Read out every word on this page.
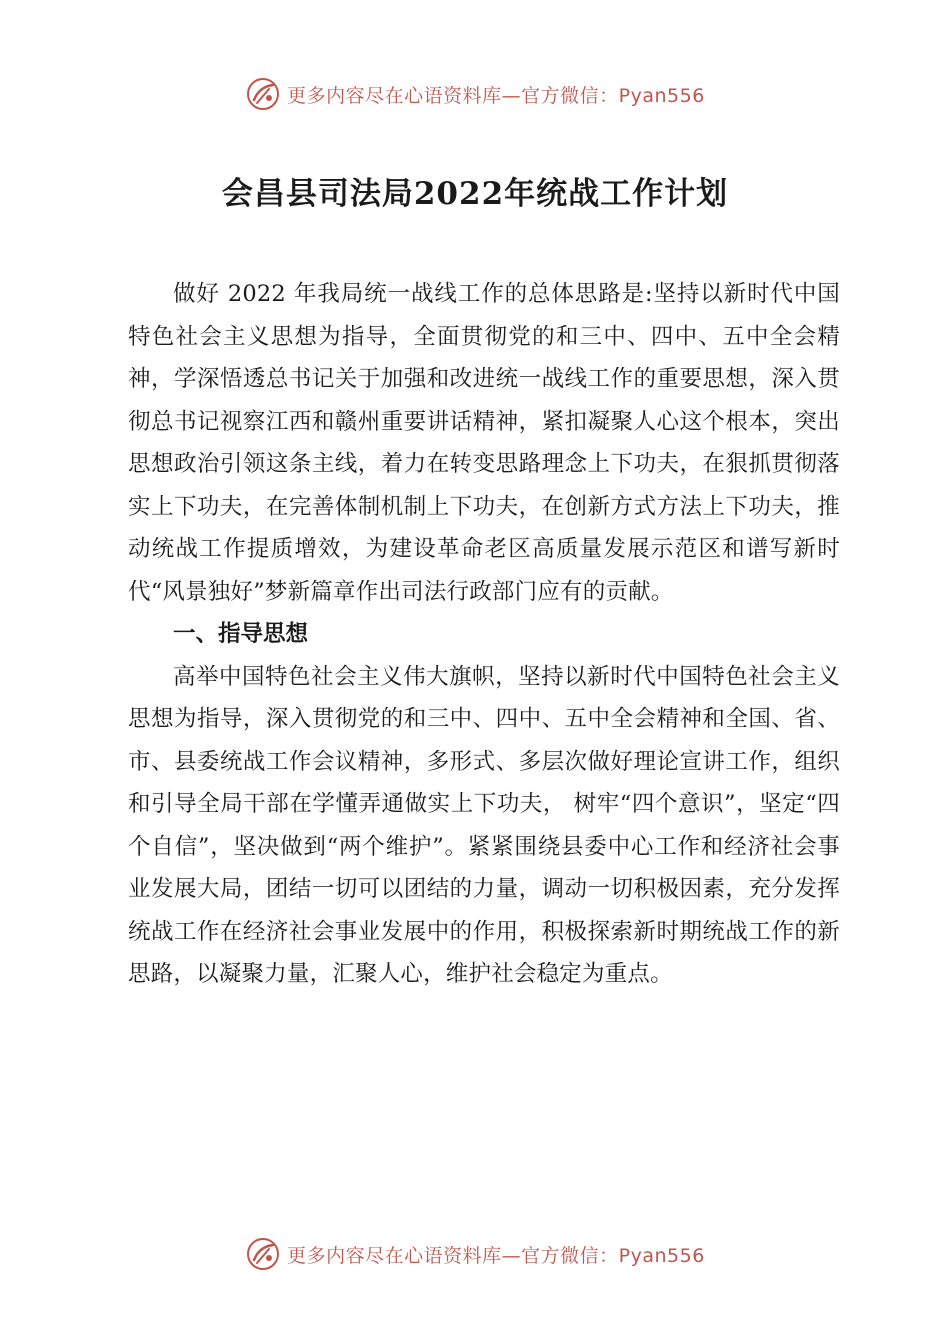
更多内容尽在心语资料库—官方微信：Pyan556
会昌县司法局2022年统战工作计划

做好 2022 年我局统一战线工作的总体思路是:坚持以新时代中国特色社会主义思想为指导，全面贯彻党的和三中、四中、五中全会精神，学深悟透总书记关于加强和改进统一战线工作的重要思想，深入贯彻总书记视察江西和赣州重要讲话精神，紧扣凝聚人心这个根本，突出思想政治引领这条主线，着力在转变思路理念上下功夫，在狠抓贯彻落实上下功夫，在完善体制机制上下功夫，在创新方式方法上下功夫，推动统战工作提质增效，为建设革命老区高质量发展示范区和谱写新时代“风景独好”梦新篇章作出司法行政部门应有的贡献。

一、指导思想

高举中国特色社会主义伟大旗帜，坚持以新时代中国特色社会主义思想为指导，深入贯彻党的和三中、四中、五中全会精神和全国、省、市、县委统战工作会议精神，多形式、多层次做好理论宣讲工作，组织和引导全局干部在学懂弄通做实上下功夫， 树牢“四个意识”，坚定“四个自信”，坚决做到“两个维护”。紧紧围绕县委中心工作和经济社会事业发展大局，团结一切可以团结的力量，调动一切积极因素，充分发挥统战工作在经济社会事业发展中的作用，积极探索新时期统战工作的新思路，以凝聚力量，汇聚人心，维护社会稳定为重点。

更多内容尽在心语资料库—官方微信：Pyan556
